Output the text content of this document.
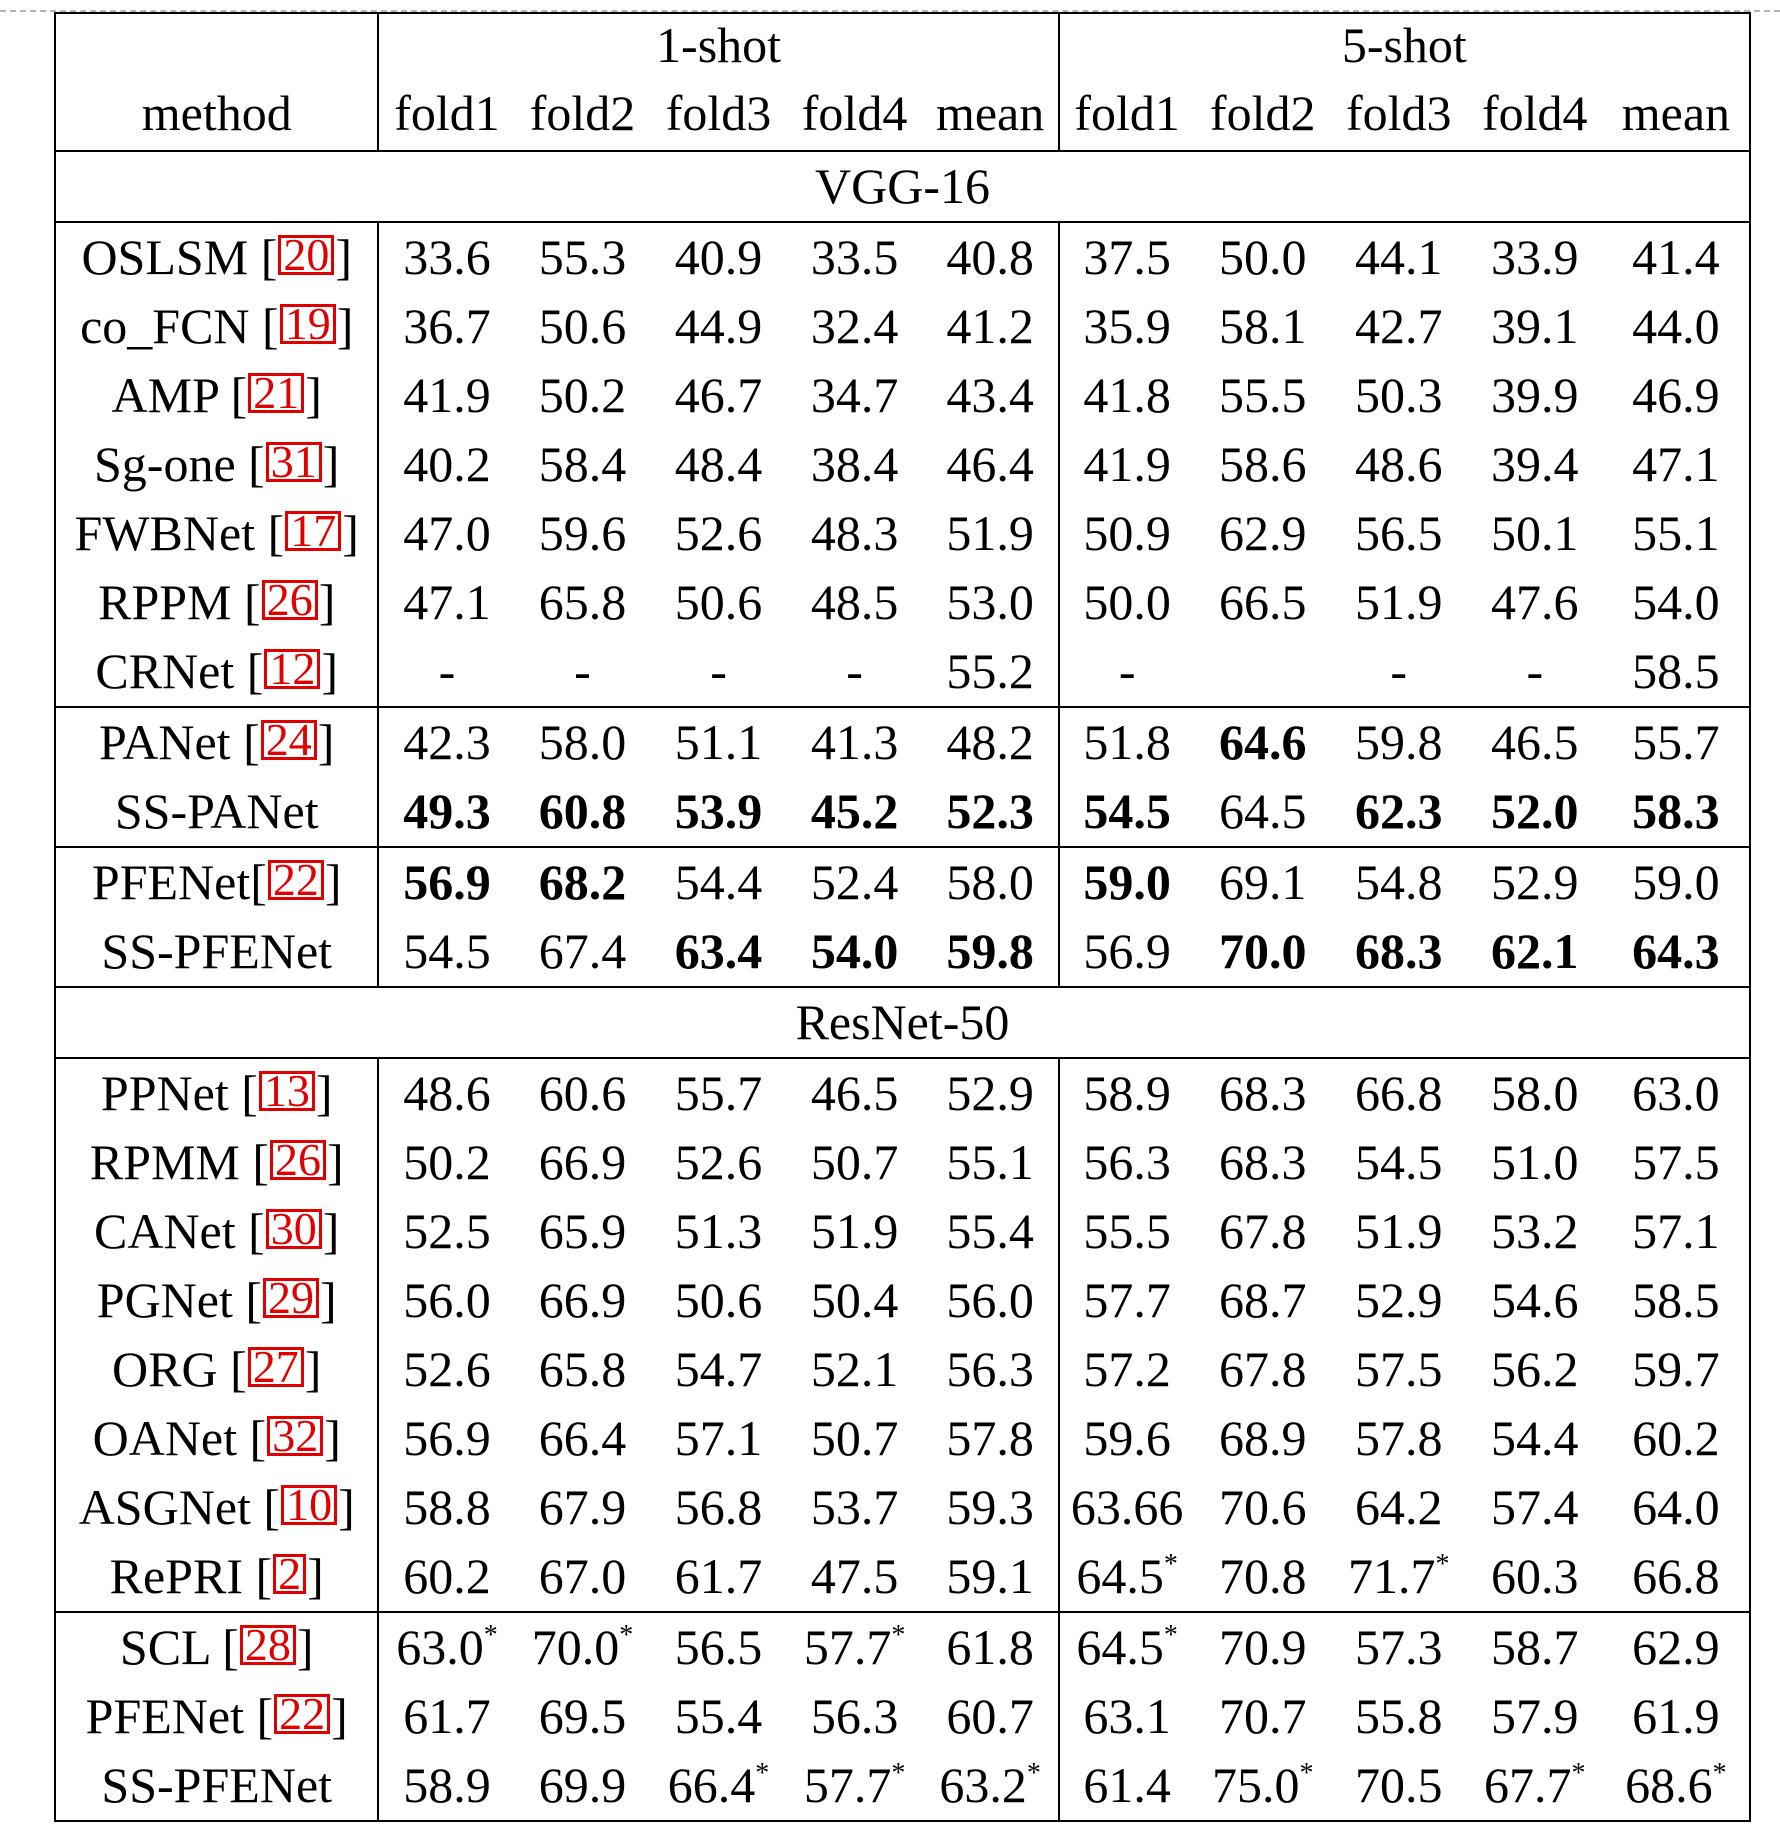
method	1-shot					5-shot				
	fold1	fold2	fold3	fold4	mean	fold1	fold2	fold3	fold4	mean
VGG-16										
OSLSM [ 20 ]	33.6	55.3	40.9	33.5	40.8	37.5	50.0	44.1	33.9	41.4
co_FCN [ 19 ]	36.7	50.6	44.9	32.4	41.2	35.9	58.1	42.7	39.1	44.0
AMP [ 21 ]	41.9	50.2	46.7	34.7	43.4	41.8	55.5	50.3	39.9	46.9
Sg-one [ 31 ]	40.2	58.4	48.4	38.4	46.4	41.9	58.6	48.6	39.4	47.1
FWBNet [ 17 ]	47.0	59.6	52.6	48.3	51.9	50.9	62.9	56.5	50.1	55.1
RPPM [ 26 ]	47.1	65.8	50.6	48.5	53.0	50.0	66.5	51.9	47.6	54.0
CRNet [ 12 ]	-	-	-	-	55.2	-		-	-	58.5
PANet [ 24 ]	42.3	58.0	51.1	41.3	48.2	51.8	64.6	59.8	46.5	55.7
SS-PANet	49.3	60.8	53.9	45.2	52.3	54.5	64.5	62.3	52.0	58.3
PFENet[ 22 ]	56.9	68.2	54.4	52.4	58.0	59.0	69.1	54.8	52.9	59.0
SS-PFENet	54.5	67.4	63.4	54.0	59.8	56.9	70.0	68.3	62.1	64.3
ResNet-50										
PPNet [ 13 ]	48.6	60.6	55.7	46.5	52.9	58.9	68.3	66.8	58.0	63.0
RPMM [ 26 ]	50.2	66.9	52.6	50.7	55.1	56.3	68.3	54.5	51.0	57.5
CANet [ 30 ]	52.5	65.9	51.3	51.9	55.4	55.5	67.8	51.9	53.2	57.1
PGNet [ 29 ]	56.0	66.9	50.6	50.4	56.0	57.7	68.7	52.9	54.6	58.5
ORG [ 27 ]	52.6	65.8	54.7	52.1	56.3	57.2	67.8	57.5	56.2	59.7
OANet [ 32 ]	56.9	66.4	57.1	50.7	57.8	59.6	68.9	57.8	54.4	60.2
ASGNet [ 10 ]	58.8	67.9	56.8	53.7	59.3	63.66	70.6	64.2	57.4	64.0
RePRI [ 2 ]	60.2	67.0	61.7	47.5	59.1	64.5*	70.8	71.7*	60.3	66.8
SCL [ 28 ]	63.0*	70.0*	56.5	57.7*	61.8	64.5*	70.9	57.3	58.7	62.9
PFENet [ 22 ]	61.7	69.5	55.4	56.3	60.7	63.1	70.7	55.8	57.9	61.9
SS-PFENet	58.9	69.9	66.4*	57.7*	63.2*	61.4	75.0*	70.5	67.7*	68.6*
